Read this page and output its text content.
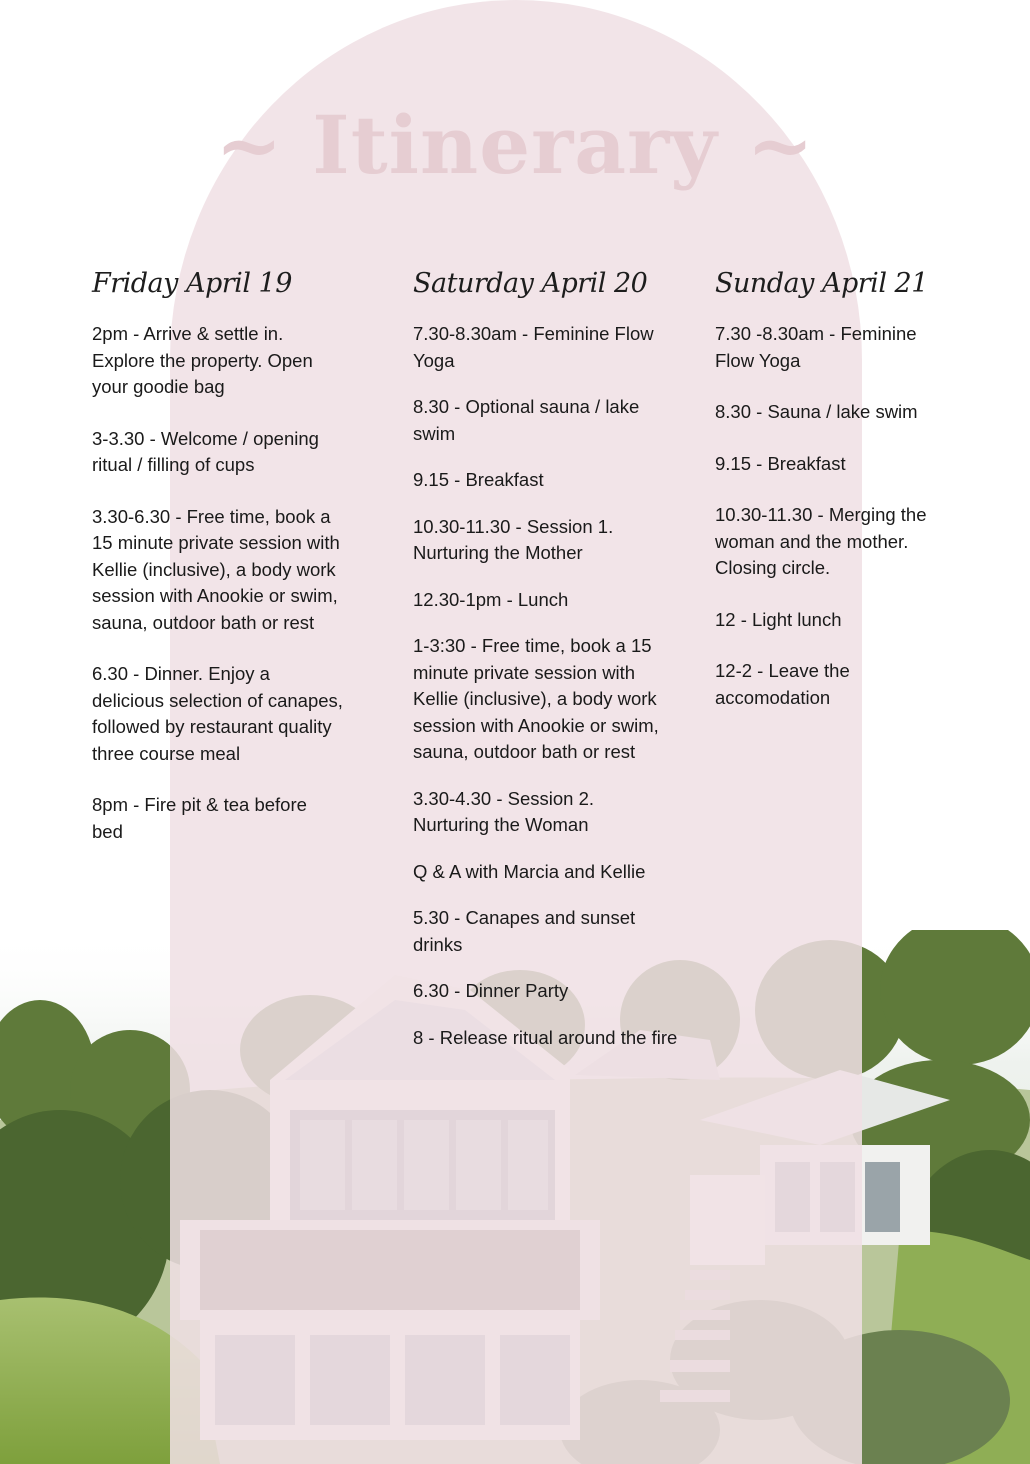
~ Itinerary ~
Friday April 19

2pm - Arrive & settle in.
Explore the property. Open
your goodie bag

3-3.30 - Welcome / opening
ritual / filling of cups

3.30-6.30 - Free time, book a
15 minute private session with
Kellie (inclusive), a body work
session with Anookie or swim,
sauna, outdoor bath or rest

6.30 - Dinner. Enjoy a
delicious selection of canapes,
followed by restaurant quality
three course meal

8pm - Fire pit & tea before
bed

Saturday April 20

7.30-8.30am - Feminine Flow
Yoga

8.30 - Optional sauna / lake
swim

9.15 - Breakfast

10.30-11.30 - Session 1.
Nurturing the Mother

12.30-1pm - Lunch

1-3:30 - Free time, book a 15
minute private session with
Kellie (inclusive), a body work
session with Anookie or swim,
sauna, outdoor bath or rest

3.30-4.30 - Session 2.
Nurturing the Woman

Q & A with Marcia and Kellie

5.30 - Canapes and sunset
drinks

6.30 - Dinner Party

8 - Release ritual around the fire

Sunday April 21

7.30 -8.30am - Feminine
Flow Yoga

8.30 - Sauna / lake swim

9.15 - Breakfast

10.30-11.30 - Merging the
woman and the mother.
Closing circle.

12 - Light lunch

12-2 - Leave the
accomodation
